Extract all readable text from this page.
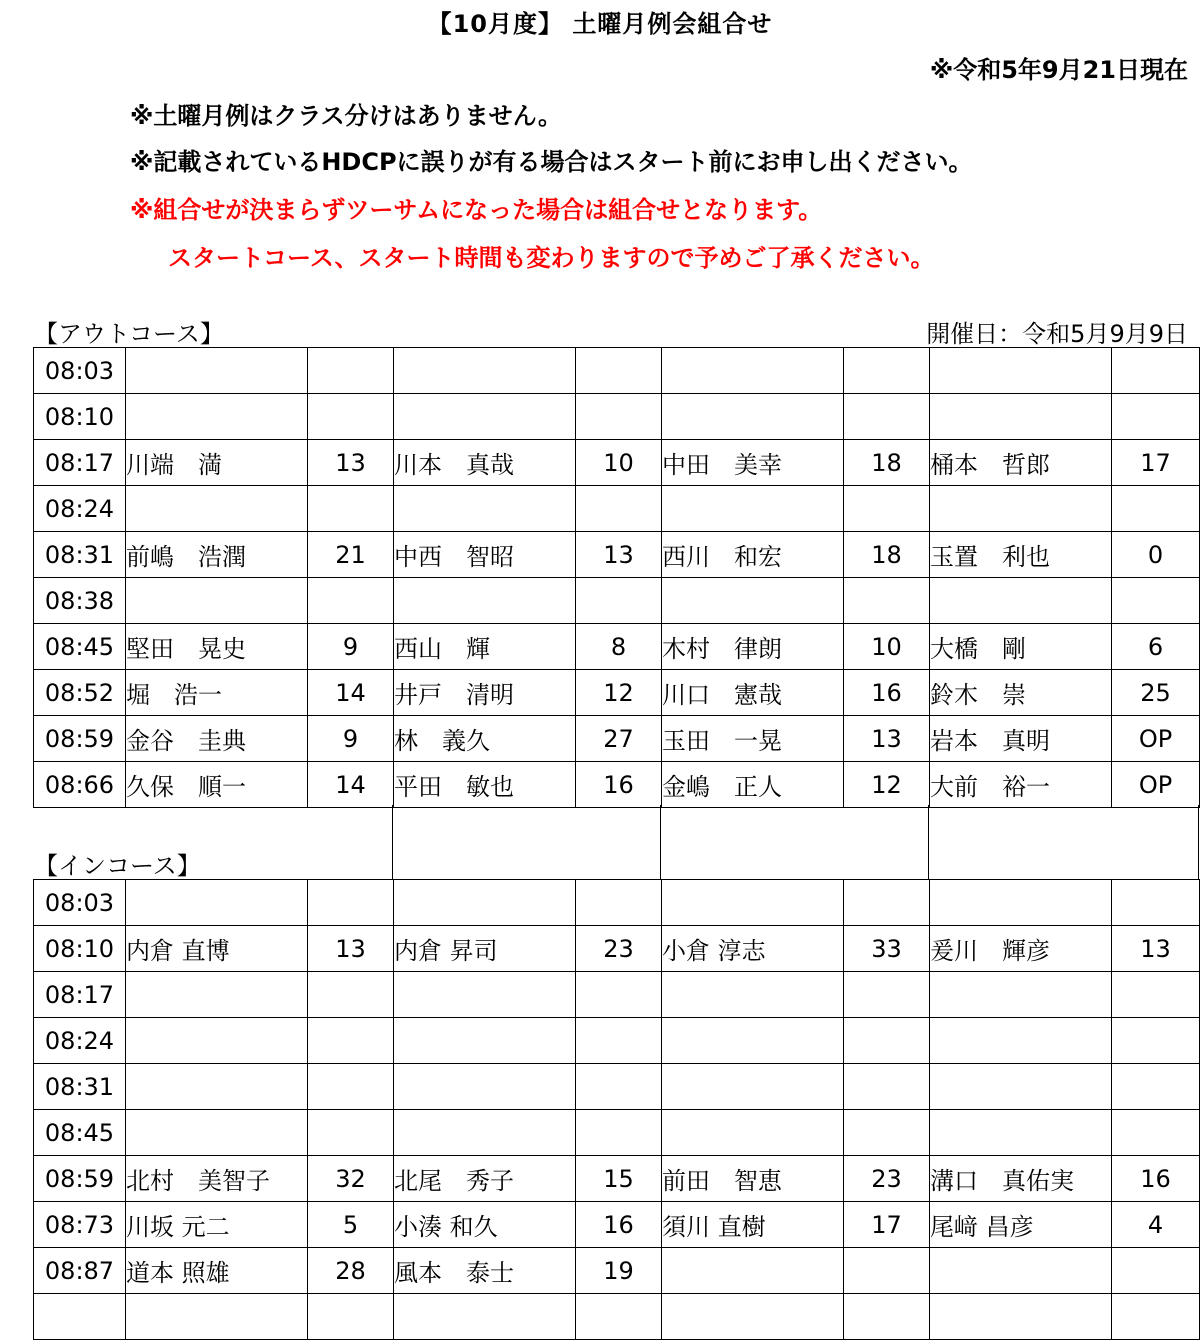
【10月度】 土曜月例会組合せ
※令和5年9月21日現在
※土曜月例はクラス分けはありません。
※記載されているHDCPに誤りが有る場合はスタート前にお申し出ください。
※組合せが決まらずツーサムになった場合は組合せとなります。
スタートコース、スタート時間も変わりますので予めご了承ください。
【アウトコース】	開催日：令和5月9月9日
08:03								
08:10								
08:17	川端　満	13	川本　真哉	10	中田　美幸	18	桶本　哲郎	17
08:24								
08:31	前嶋　浩潤	21	中西　智昭	13	西川　和宏	18	玉置　利也	0
08:38								
08:45	堅田　晃史	9	西山　輝	8	木村　律朗	10	大橋　剛	6
08:52	堀　浩一	14	井戸　清明	12	川口　憲哉	16	鈴木　崇	25
08:59	金谷　圭典	9	林　義久	27	玉田　一晃	13	岩本　真明	OP
08:66	久保　順一	14	平田　敏也	16	金嶋　正人	12	大前　裕一	OP
【インコース】
08:03								
08:10	内倉 直博	13	内倉 昇司	23	小倉 淳志	33	爰川　輝彦	13
08:17								
08:24								
08:31								
08:45								
08:59	北村　美智子	32	北尾　秀子	15	前田　智恵	23	溝口　真佑実	16
08:73	川坂 元二	5	小湊 和久	16	須川 直樹	17	尾﨑 昌彦	4
08:87	道本 照雄	28	風本　泰士	19				
